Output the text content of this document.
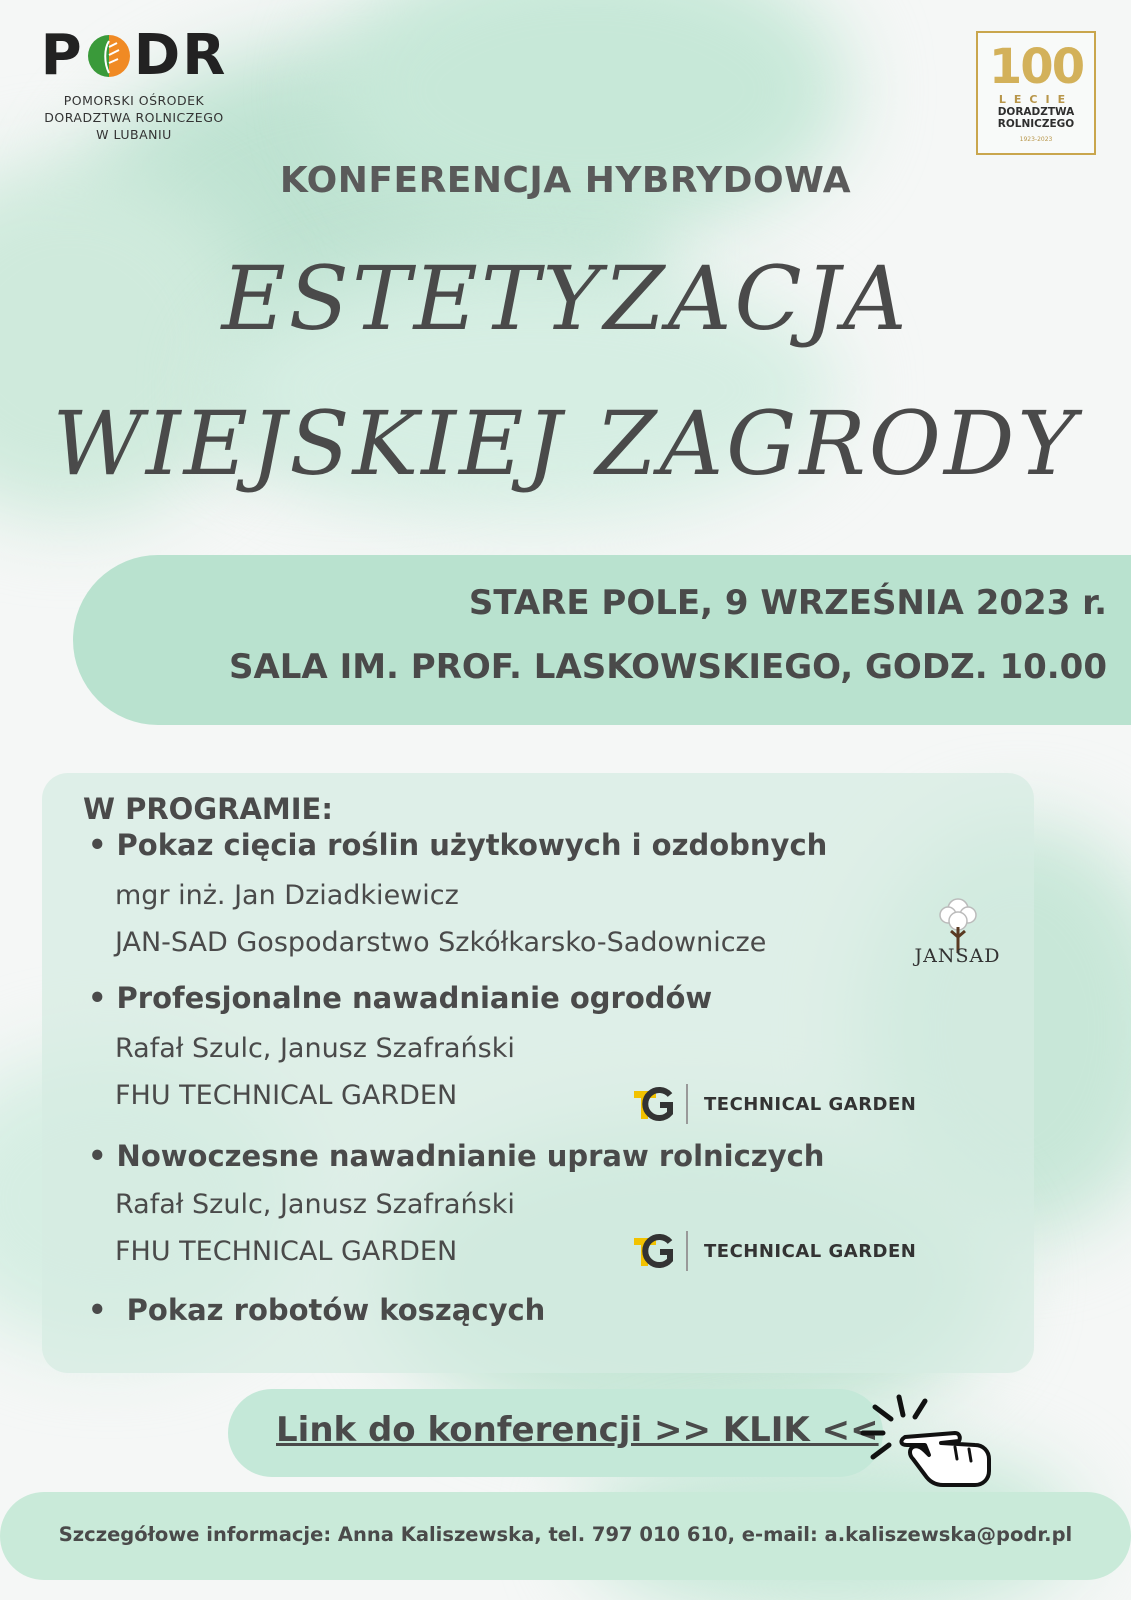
P DR
POMORSKI OŚRODEK
DORADZTWA ROLNICZEGO
W LUBANIU
100
LECIE
DORADZTWA
ROLNICZEGO
1923-2023
KONFERENCJA HYBRYDOWA
ESTETYZACJA
WIEJSKIEJ ZAGRODY
STARE POLE, 9 WRZEŚNIA 2023 r.
SALA IM. PROF. LASKOWSKIEGO, GODZ. 10.00
W PROGRAMIE:
• Pokaz cięcia roślin użytkowych i ozdobnych
mgr inż. Jan Dziadkiewicz
JAN-SAD Gospodarstwo Szkółkarsko-Sadownicze	JANSAD
• Profesjonalne nawadnianie ogrodów
Rafał Szulc, Janusz Szafrański
FHU TECHNICAL GARDEN	TECHNICAL GARDEN
• Nowoczesne nawadnianie upraw rolniczych
Rafał Szulc, Janusz Szafrański
FHU TECHNICAL GARDEN	TECHNICAL GARDEN
• Pokaz robotów koszących
Link do konferencji >> KLIK <<
Szczegółowe informacje: Anna Kaliszewska, tel. 797 010 610, e-mail: a.kaliszewska@podr.pl
